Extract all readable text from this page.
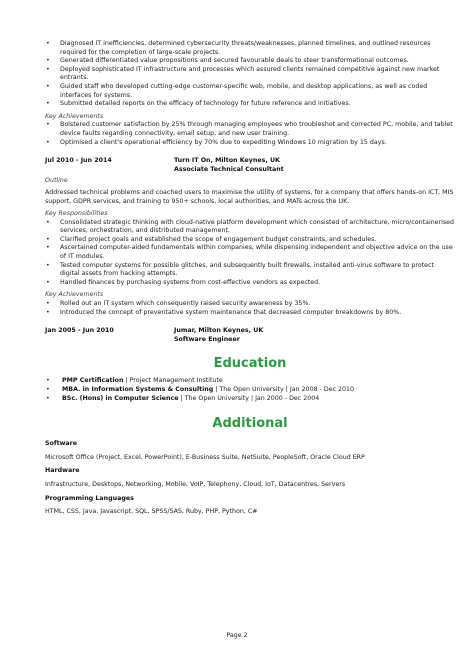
• Diagnosed IT inefficiencies, determined cybersecurity threats/weaknesses, planned timelines, and outlined resources required for the completion of large-scale projects.
• Generated differentiated value propositions and secured favourable deals to steer transformational outcomes.
• Deployed sophisticated IT infrastructure and processes which assured clients remained competitive against new market entrants.
• Guided staff who developed cutting-edge customer-specific web, mobile, and desktop applications, as well as coded interfaces for systems.
• Submitted detailed reports on the efficacy of technology for future reference and initiatives.
Key Achievements
• Bolstered customer satisfaction by 25% through managing employees who troubleshot and corrected PC, mobile, and tablet device faults regarding connectivity, email setup, and new user training.
• Optimised a client's operational efficiency by 70% due to expediting Windows 10 migration by 15 days.
Jul 2010 - Jun 2014	Turn IT On, Milton Keynes, UK
Associate Technical Consultant
Outline
Addressed technical problems and coached users to maximise the utility of systems, for a company that offers hands-on ICT, MIS support, GDPR services, and training to 950+ schools, local authorities, and MATs across the UK.
Key Responsibilities
• Consolidated strategic thinking with cloud-native platform development which consisted of architecture, micro/containerised services, orchestration, and distributed management.
• Clarified project goals and established the scope of engagement budget constraints, and schedules.
• Ascertained computer-aided fundamentals within companies, while dispensing independent and objective advice on the use of IT modules.
• Tested computer systems for possible glitches, and subsequently built firewalls, installed anti-virus software to protect digital assets from hacking attempts.
• Handled finances by purchasing systems from cost-effective vendors as expected.
Key Achievements
• Rolled out an IT system which consequently raised security awareness by 35%.
• Introduced the concept of preventative system maintenance that decreased computer breakdowns by 80%.
Jan 2005 - Jun 2010	Jumar, Milton Keynes, UK
Software Engineer
Education
• PMP Certification | Project Management Institute
• MBA. in Information Systems & Consulting | The Open University | Jan 2008 - Dec 2010
• BSc. (Hons) in Computer Science | The Open University | Jan 2000 - Dec 2004
Additional
Software
Microsoft Office (Project, Excel, PowerPoint), E-Business Suite, NetSuite, PeopleSoft, Oracle Cloud ERP
Hardware
Infrastructure, Desktops, Networking, Mobile, VoIP, Telephony, Cloud, IoT, Datacentres, Servers
Programming Languages
HTML, CSS, Java, Javascript, SQL, SPSS/SAS, Ruby, PHP, Python, C#
Page 2
